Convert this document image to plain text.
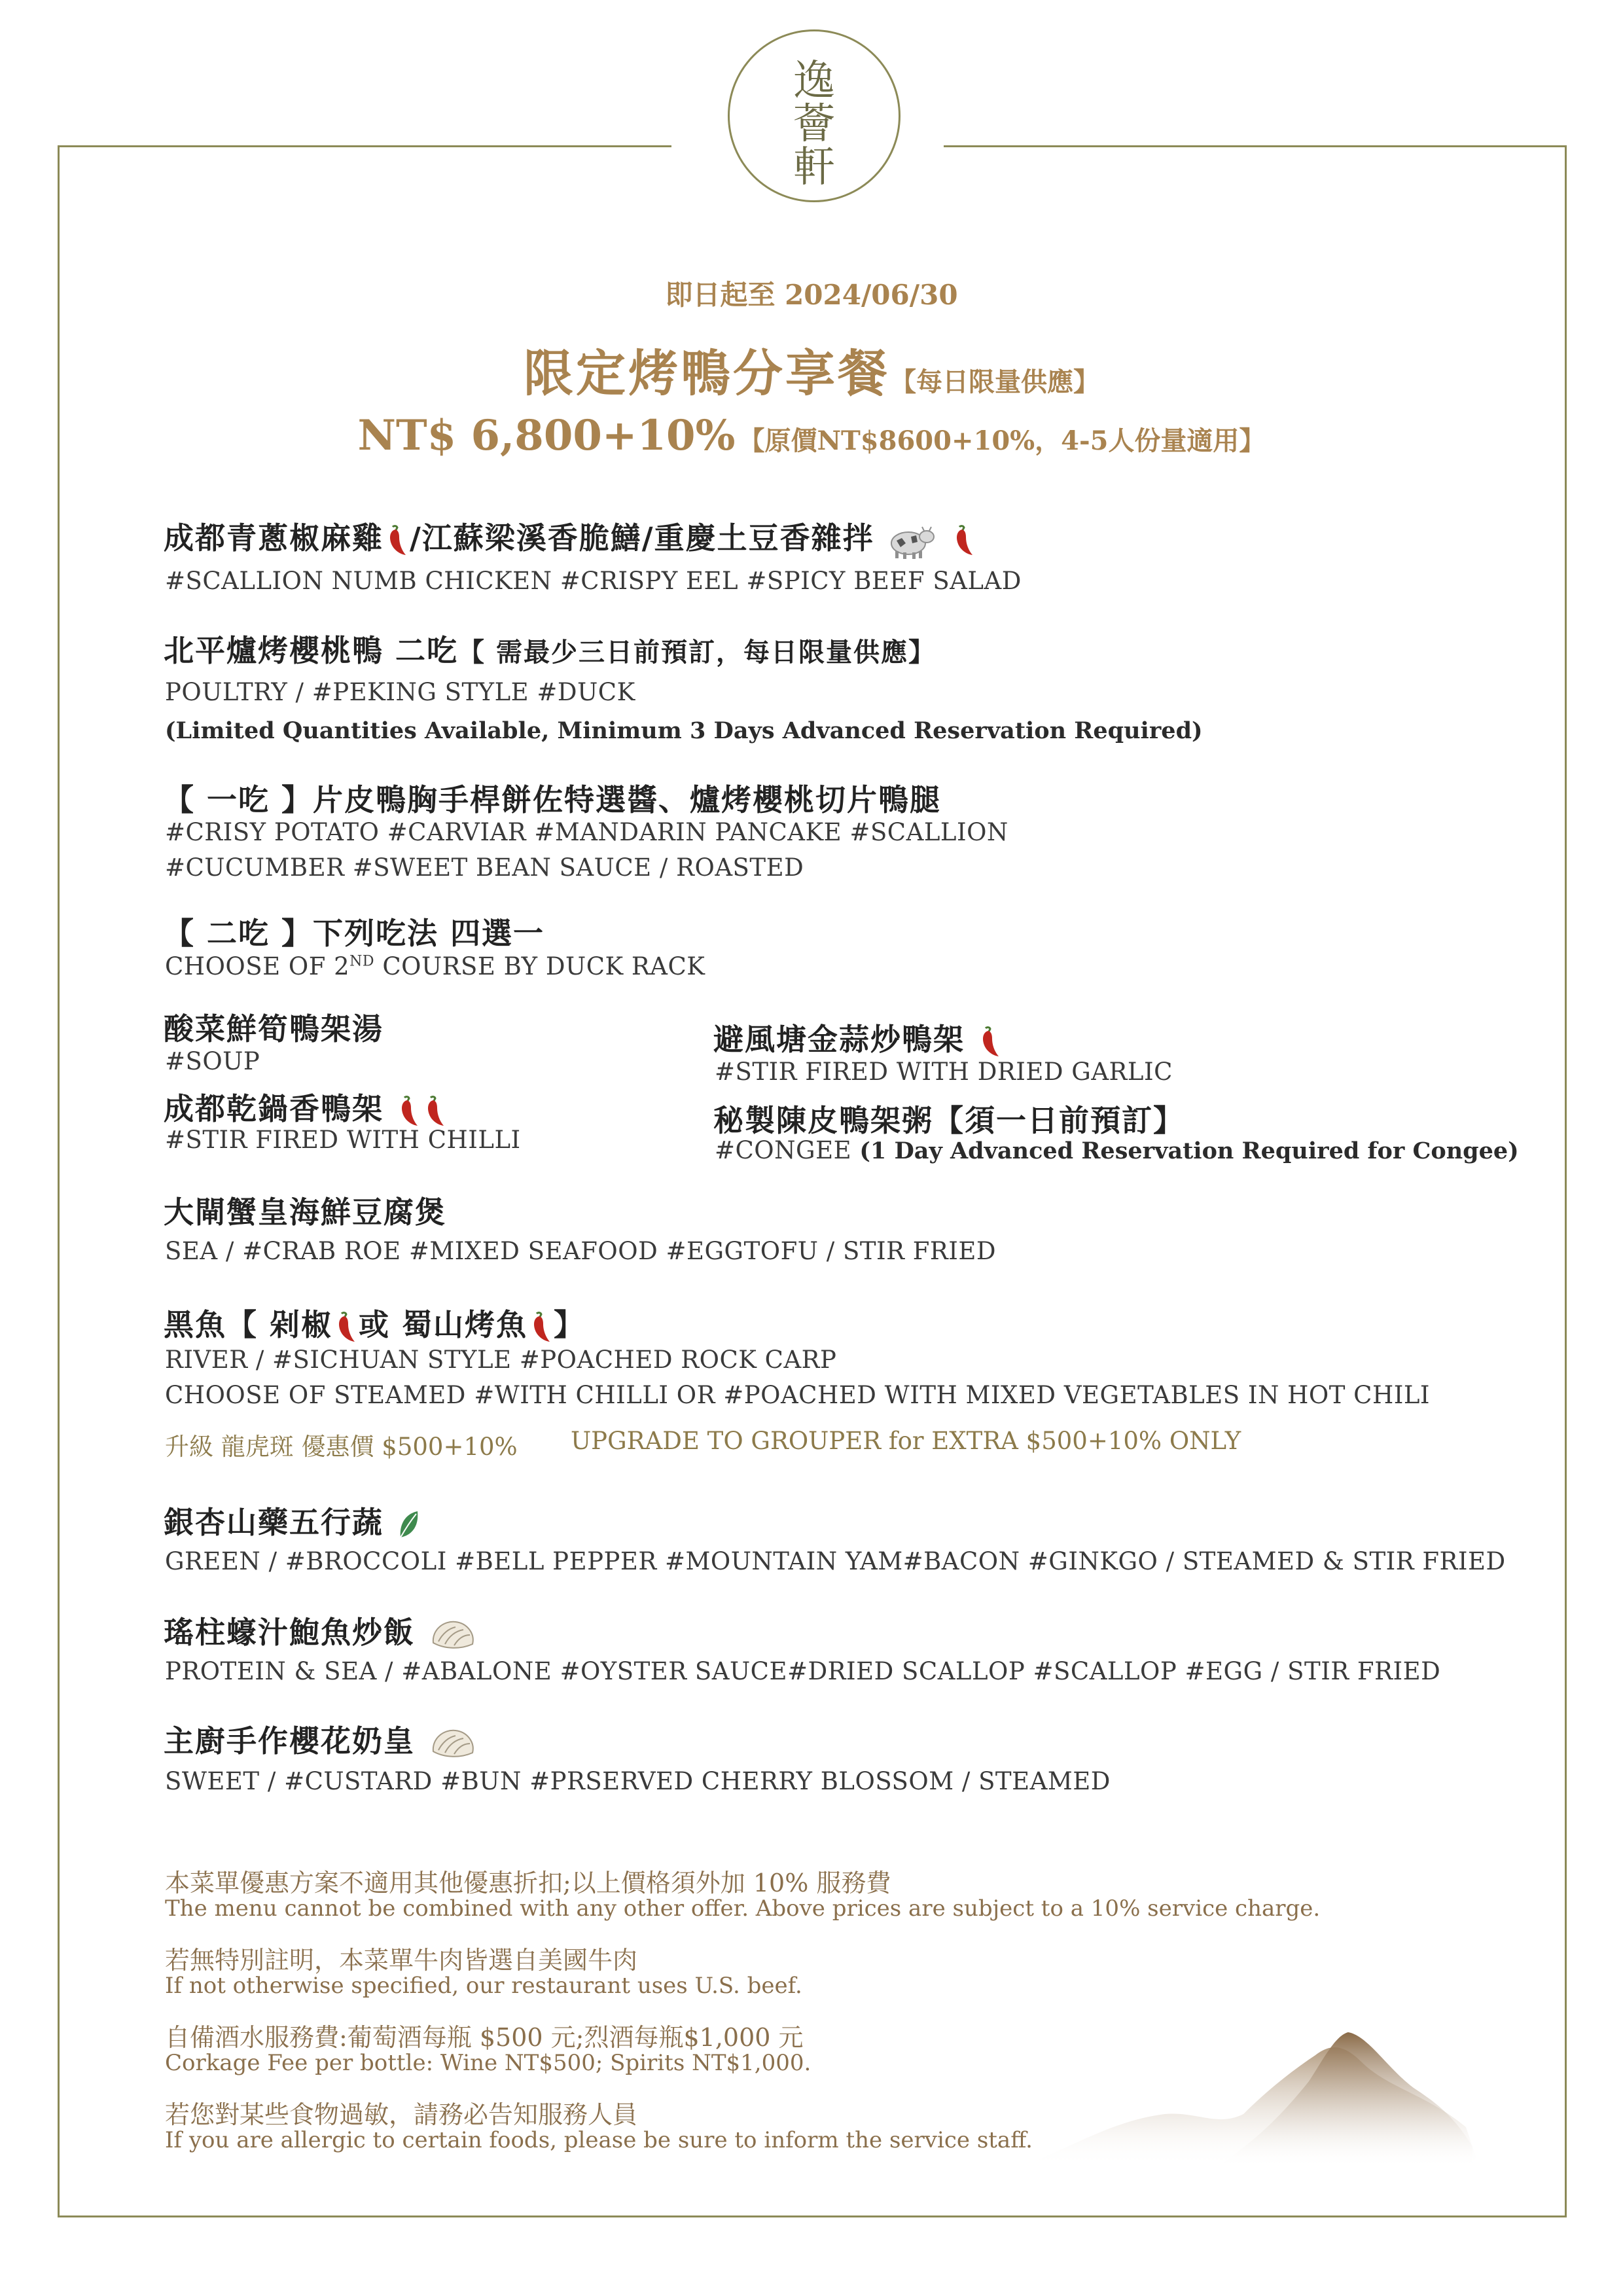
逸
薈
軒
即日起至 2024/06/30
限定烤鴨分享餐【每日限量供應】
NT$ 6,800+10% 【原價NT$8600+10%，4-5人份量適用】
成都青蔥椒麻雞 /江蘇梁溪香脆鱔/重慶土豆香雜拌
#SCALLION NUMB CHICKEN #CRISPY EEL #SPICY BEEF SALAD
北平爐烤櫻桃鴨 二吃【 需最少三日前預訂，每日限量供應】
POULTRY / #PEKING STYLE #DUCK
(Limited Quantities Available, Minimum 3 Days Advanced Reservation Required)
【 一吃 】片皮鴨胸手桿餅佐特選醬、爐烤櫻桃切片鴨腿
#CRISY POTATO #CARVIAR #MANDARIN PANCAKE #SCALLION
#CUCUMBER #SWEET BEAN SAUCE / ROASTED
【 二吃 】下列吃法 四選一
CHOOSE OF 2ND COURSE BY DUCK RACK
酸菜鮮筍鴨架湯
#SOUP
成都乾鍋香鴨架
#STIR FIRED WITH CHILLI
避風塘金蒜炒鴨架
#STIR FIRED WITH DRIED GARLIC
秘製陳皮鴨架粥【須一日前預訂】
#CONGEE (1 Day Advanced Reservation Required for Congee)
大閘蟹皇海鮮豆腐煲
SEA / #CRAB ROE #MIXED SEAFOOD #EGGTOFU / STIR FRIED
黑魚【 剁椒 或 蜀山烤魚 】
RIVER / #SICHUAN STYLE #POACHED ROCK CARP
CHOOSE OF STEAMED #WITH CHILLI OR #POACHED WITH MIXED VEGETABLES IN HOT CHILI
升級 龍虎斑 優惠價 $500+10% UPGRADE TO GROUPER for EXTRA $500+10% ONLY
銀杏山藥五行蔬
GREEN / #BROCCOLI #BELL PEPPER #MOUNTAIN YAM#BACON #GINKGO / STEAMED & STIR FRIED
瑤柱蠔汁鮑魚炒飯
PROTEIN & SEA / #ABALONE #OYSTER SAUCE#DRIED SCALLOP #SCALLOP #EGG / STIR FRIED
主廚手作櫻花奶皇
SWEET / #CUSTARD #BUN #PRSERVED CHERRY BLOSSOM / STEAMED
本菜單優惠方案不適用其他優惠折扣;以上價格須外加 10% 服務費
The menu cannot be combined with any other offer. Above prices are subject to a 10% service charge.
若無特別註明，本菜單牛肉皆選自美國牛肉
If not otherwise specified, our restaurant uses U.S. beef.
自備酒水服務費:葡萄酒每瓶 $500 元;烈酒每瓶$1,000 元
Corkage Fee per bottle: Wine NT$500; Spirits NT$1,000.
若您對某些食物過敏，請務必告知服務人員
If you are allergic to certain foods, please be sure to inform the service staff.
